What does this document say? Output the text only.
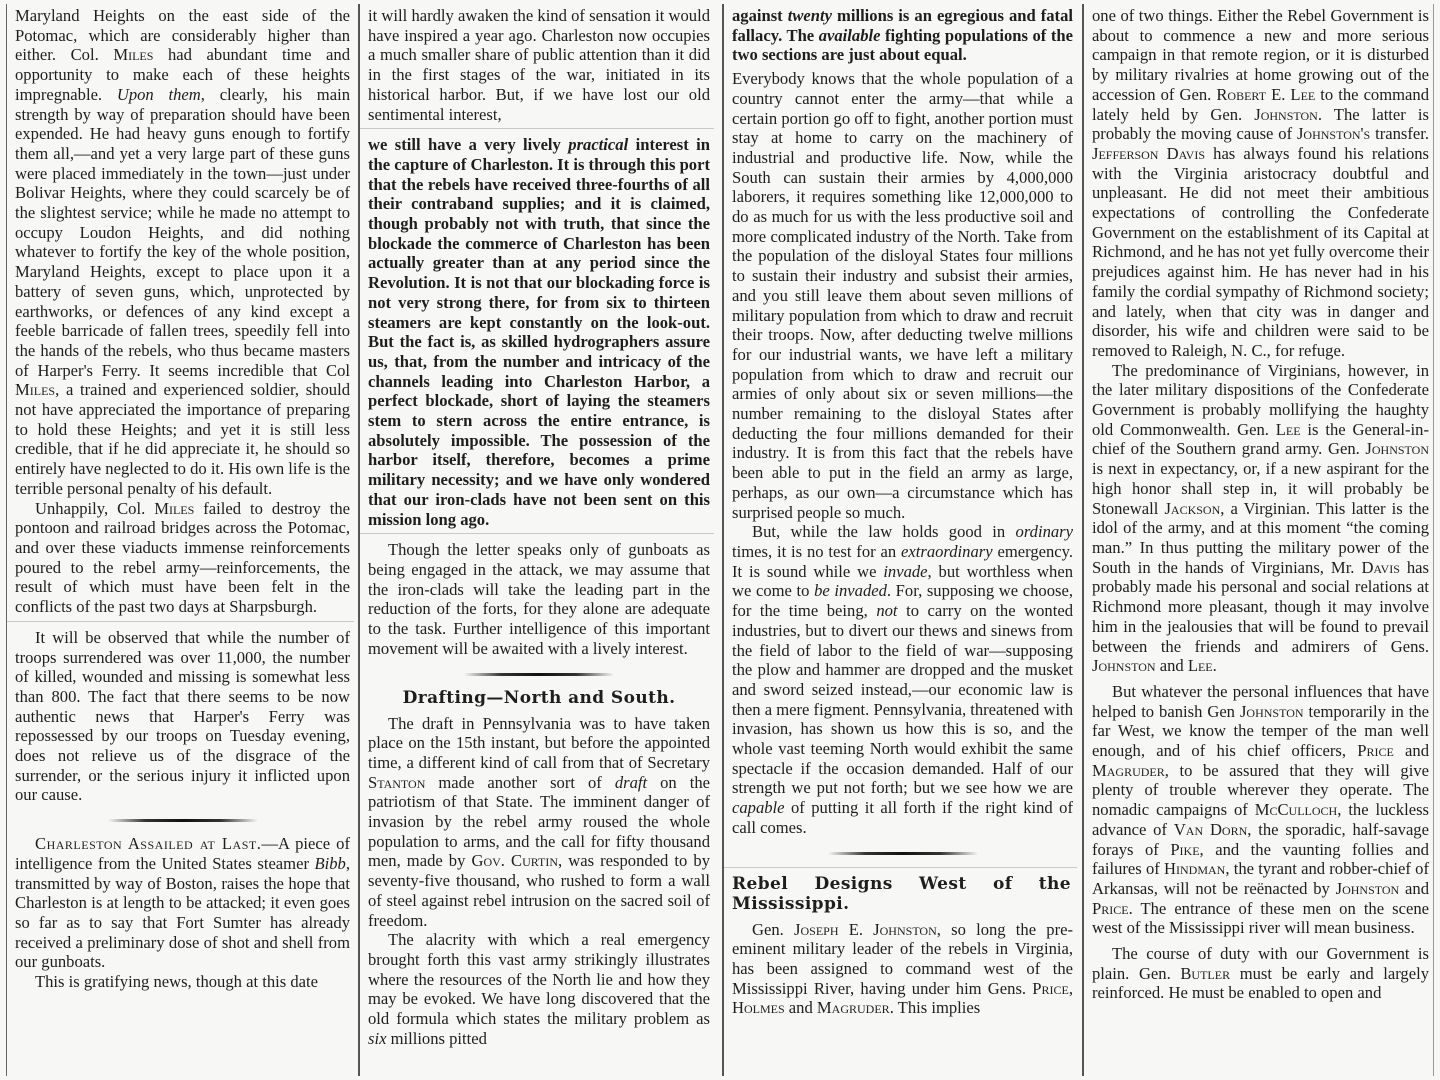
Maryland Heights on the east side of the Potomac, which are considerably higher than either. Col. Miles had abundant time and opportunity to make each of these heights impregnable. Upon them, clearly, his main strength by way of preparation should have been expended. He had heavy guns enough to fortify them all,—and yet a very large part of these guns were placed immediately in the town—just under Bolivar Heights, where they could scarcely be of the slightest service; while he made no attempt to occupy Loudon Heights, and did nothing whatever to fortify the key of the whole position, Maryland Heights, except to place upon it a battery of seven guns, which, unprotected by earthworks, or defences of any kind except a feeble barricade of fallen trees, speedily fell into the hands of the rebels, who thus became masters of Harper's Ferry. It seems incredible that Col Miles, a trained and experienced soldier, should not have appreciated the importance of preparing to hold these Heights; and yet it is still less credible, that if he did appreciate it, he should so entirely have neglected to do it. His own life is the terrible personal penalty of his default.

Unhappily, Col. Miles failed to destroy the pontoon and railroad bridges across the Potomac, and over these viaducts immense reinforcements poured to the rebel army—reinforcements, the result of which must have been felt in the conflicts of the past two days at Sharpsburgh.

It will be observed that while the number of troops surrendered was over 11,000, the number of killed, wounded and missing is somewhat less than 800. The fact that there seems to be now authentic news that Harper's Ferry was repossessed by our troops on Tuesday evening, does not relieve us of the disgrace of the surrender, or the serious injury it inflicted upon our cause.

Charleston Assailed at Last.—A piece of intelligence from the United States steamer Bibb, transmitted by way of Boston, raises the hope that Charleston is at length to be attacked; it even goes so far as to say that Fort Sumter has already received a preliminary dose of shot and shell from our gunboats.

This is gratifying news, though at this date

it will hardly awaken the kind of sensation it would have inspired a year ago. Charleston now occupies a much smaller share of public attention than it did in the first stages of the war, initiated in its historical harbor. But, if we have lost our old sentimental interest,

we still have a very lively practical interest in the capture of Charleston. It is through this port that the rebels have received three-fourths of all their contraband supplies; and it is claimed, though probably not with truth, that since the blockade the commerce of Charleston has been actually greater than at any period since the Revolution. It is not that our blockading force is not very strong there, for from six to thirteen steamers are kept constantly on the look-out. But the fact is, as skilled hydrographers assure us, that, from the number and intricacy of the channels leading into Charleston Harbor, a perfect blockade, short of laying the steamers stem to stern across the entire entrance, is absolutely impossible. The possession of the harbor itself, therefore, becomes a prime military necessity; and we have only wondered that our iron-clads have not been sent on this mission long ago.

Though the letter speaks only of gunboats as being engaged in the attack, we may assume that the iron-clads will take the leading part in the reduction of the forts, for they alone are adequate to the task. Further intelligence of this important movement will be awaited with a lively interest.

Drafting—North and South.

The draft in Pennsylvania was to have taken place on the 15th instant, but before the appointed time, a different kind of call from that of Secretary Stanton made another sort of draft on the patriotism of that State. The imminent danger of invasion by the rebel army roused the whole population to arms, and the call for fifty thousand men, made by Gov. Curtin, was responded to by seventy-five thousand, who rushed to form a wall of steel against rebel intrusion on the sacred soil of freedom.

The alacrity with which a real emergency brought forth this vast army strikingly illustrates where the resources of the North lie and how they may be evoked. We have long discovered that the old formula which states the military problem as six millions pitted

against twenty millions is an egregious and fatal fallacy. The available fighting populations of the two sections are just about equal.

Everybody knows that the whole population of a country cannot enter the army—that while a certain portion go off to fight, another portion must stay at home to carry on the machinery of industrial and productive life. Now, while the South can sustain their armies by 4,000,000 laborers, it requires something like 12,000,000 to do as much for us with the less productive soil and more complicated industry of the North. Take from the population of the disloyal States four millions to sustain their industry and subsist their armies, and you still leave them about seven millions of military population from which to draw and recruit their troops. Now, after deducting twelve millions for our industrial wants, we have left a military population from which to draw and recruit our armies of only about six or seven millions—the number remaining to the disloyal States after deducting the four millions demanded for their industry. It is from this fact that the rebels have been able to put in the field an army as large, perhaps, as our own—a circumstance which has surprised people so much.

But, while the law holds good in ordinary times, it is no test for an extraordinary emergency. It is sound while we invade, but worthless when we come to be invaded. For, supposing we choose, for the time being, not to carry on the wonted industries, but to divert our thews and sinews from the field of labor to the field of war—supposing the plow and hammer are dropped and the musket and sword seized instead,—our economic law is then a mere figment. Pennsylvania, threatened with invasion, has shown us how this is so, and the whole vast teeming North would exhibit the same spectacle if the occasion demanded. Half of our strength we put not forth; but we see how we are capable of putting it all forth if the right kind of call comes.

Rebel Designs West of the Mississippi.

Gen. Joseph E. Johnston, so long the preeminent military leader of the rebels in Virginia, has been assigned to command west of the Mississippi River, having under him Gens. Price, Holmes and Magruder. This implies

one of two things. Either the Rebel Government is about to commence a new and more serious campaign in that remote region, or it is disturbed by military rivalries at home growing out of the accession of Gen. Robert E. Lee to the command lately held by Gen. Johnston. The latter is probably the moving cause of Johnston's transfer. Jefferson Davis has always found his relations with the Virginia aristocracy doubtful and unpleasant. He did not meet their ambitious expectations of controlling the Confederate Government on the establishment of its Capital at Richmond, and he has not yet fully overcome their prejudices against him. He has never had in his family the cordial sympathy of Richmond society; and lately, when that city was in danger and disorder, his wife and children were said to be removed to Raleigh, N. C., for refuge.

The predominance of Virginians, however, in the later military dispositions of the Confederate Government is probably mollifying the haughty old Commonwealth. Gen. Lee is the General-in-chief of the Southern grand army. Gen. Johnston is next in expectancy, or, if a new aspirant for the high honor shall step in, it will probably be Stonewall Jackson, a Virginian. This latter is the idol of the army, and at this moment “the coming man.” In thus putting the military power of the South in the hands of Virginians, Mr. Davis has probably made his personal and social relations at Richmond more pleasant, though it may involve him in the jealousies that will be found to prevail between the friends and admirers of Gens. Johnston and Lee.

But whatever the personal influences that have helped to banish Gen Johnston temporarily in the far West, we know the temper of the man well enough, and of his chief officers, Price and Magruder, to be assured that they will give plenty of trouble wherever they operate. The nomadic campaigns of McCulloch, the luckless advance of Van Dorn, the sporadic, half-savage forays of Pike, and the vaunting follies and failures of Hindman, the tyrant and robber-chief of Arkansas, will not be reënacted by Johnston and Price. The entrance of these men on the scene west of the Mississippi river will mean business.

The course of duty with our Government is plain. Gen. Butler must be early and largely reinforced. He must be enabled to open and
